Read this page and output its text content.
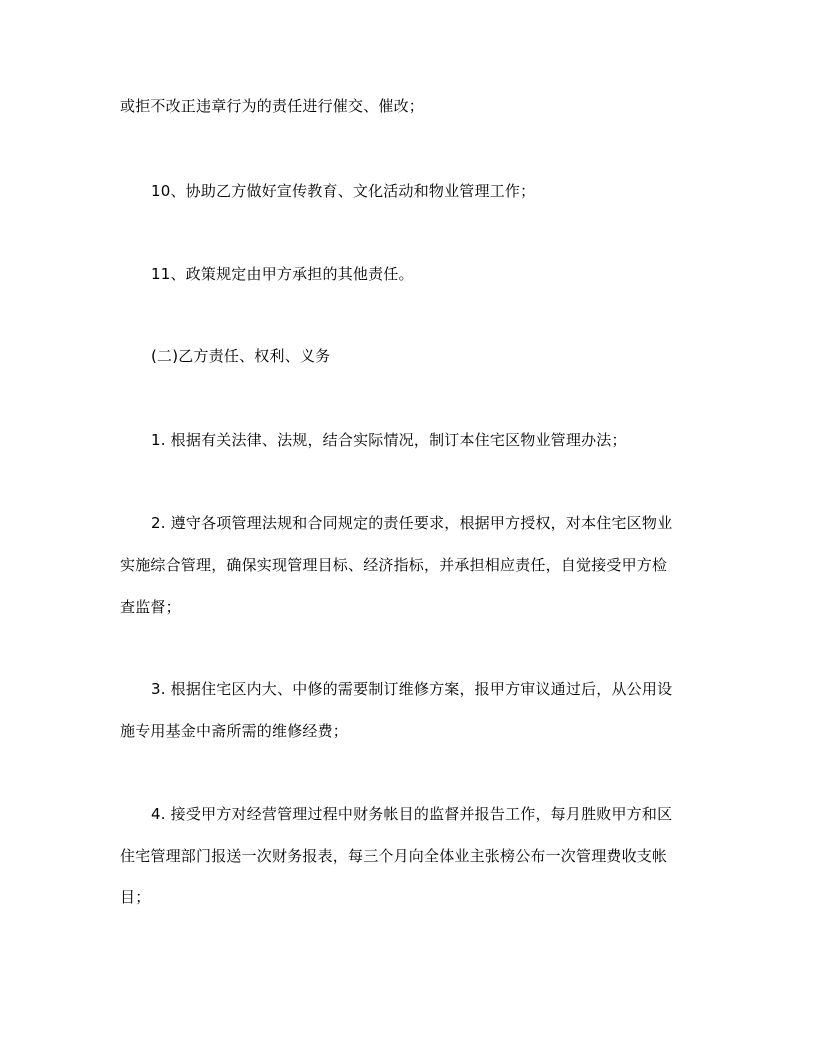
或拒不改正违章行为的责任进行催交、催改；

10、协助乙方做好宣传教育、文化活动和物业管理工作；

11、政策规定由甲方承担的其他责任。

(二)乙方责任、权利、义务

1. 根据有关法律、法规，结合实际情况，制订本住宅区物业管理办法；

2. 遵守各项管理法规和合同规定的责任要求，根据甲方授权，对本住宅区物业

实施综合管理，确保实现管理目标、经济指标，并承担相应责任，自觉接受甲方检

查监督；

3. 根据住宅区内大、中修的需要制订维修方案，报甲方审议通过后，从公用设

施专用基金中斋所需的维修经费；

4. 接受甲方对经营管理过程中财务帐目的监督并报告工作，每月胜败甲方和区

住宅管理部门报送一次财务报表，每三个月向全体业主张榜公布一次管理费收支帐

目；
